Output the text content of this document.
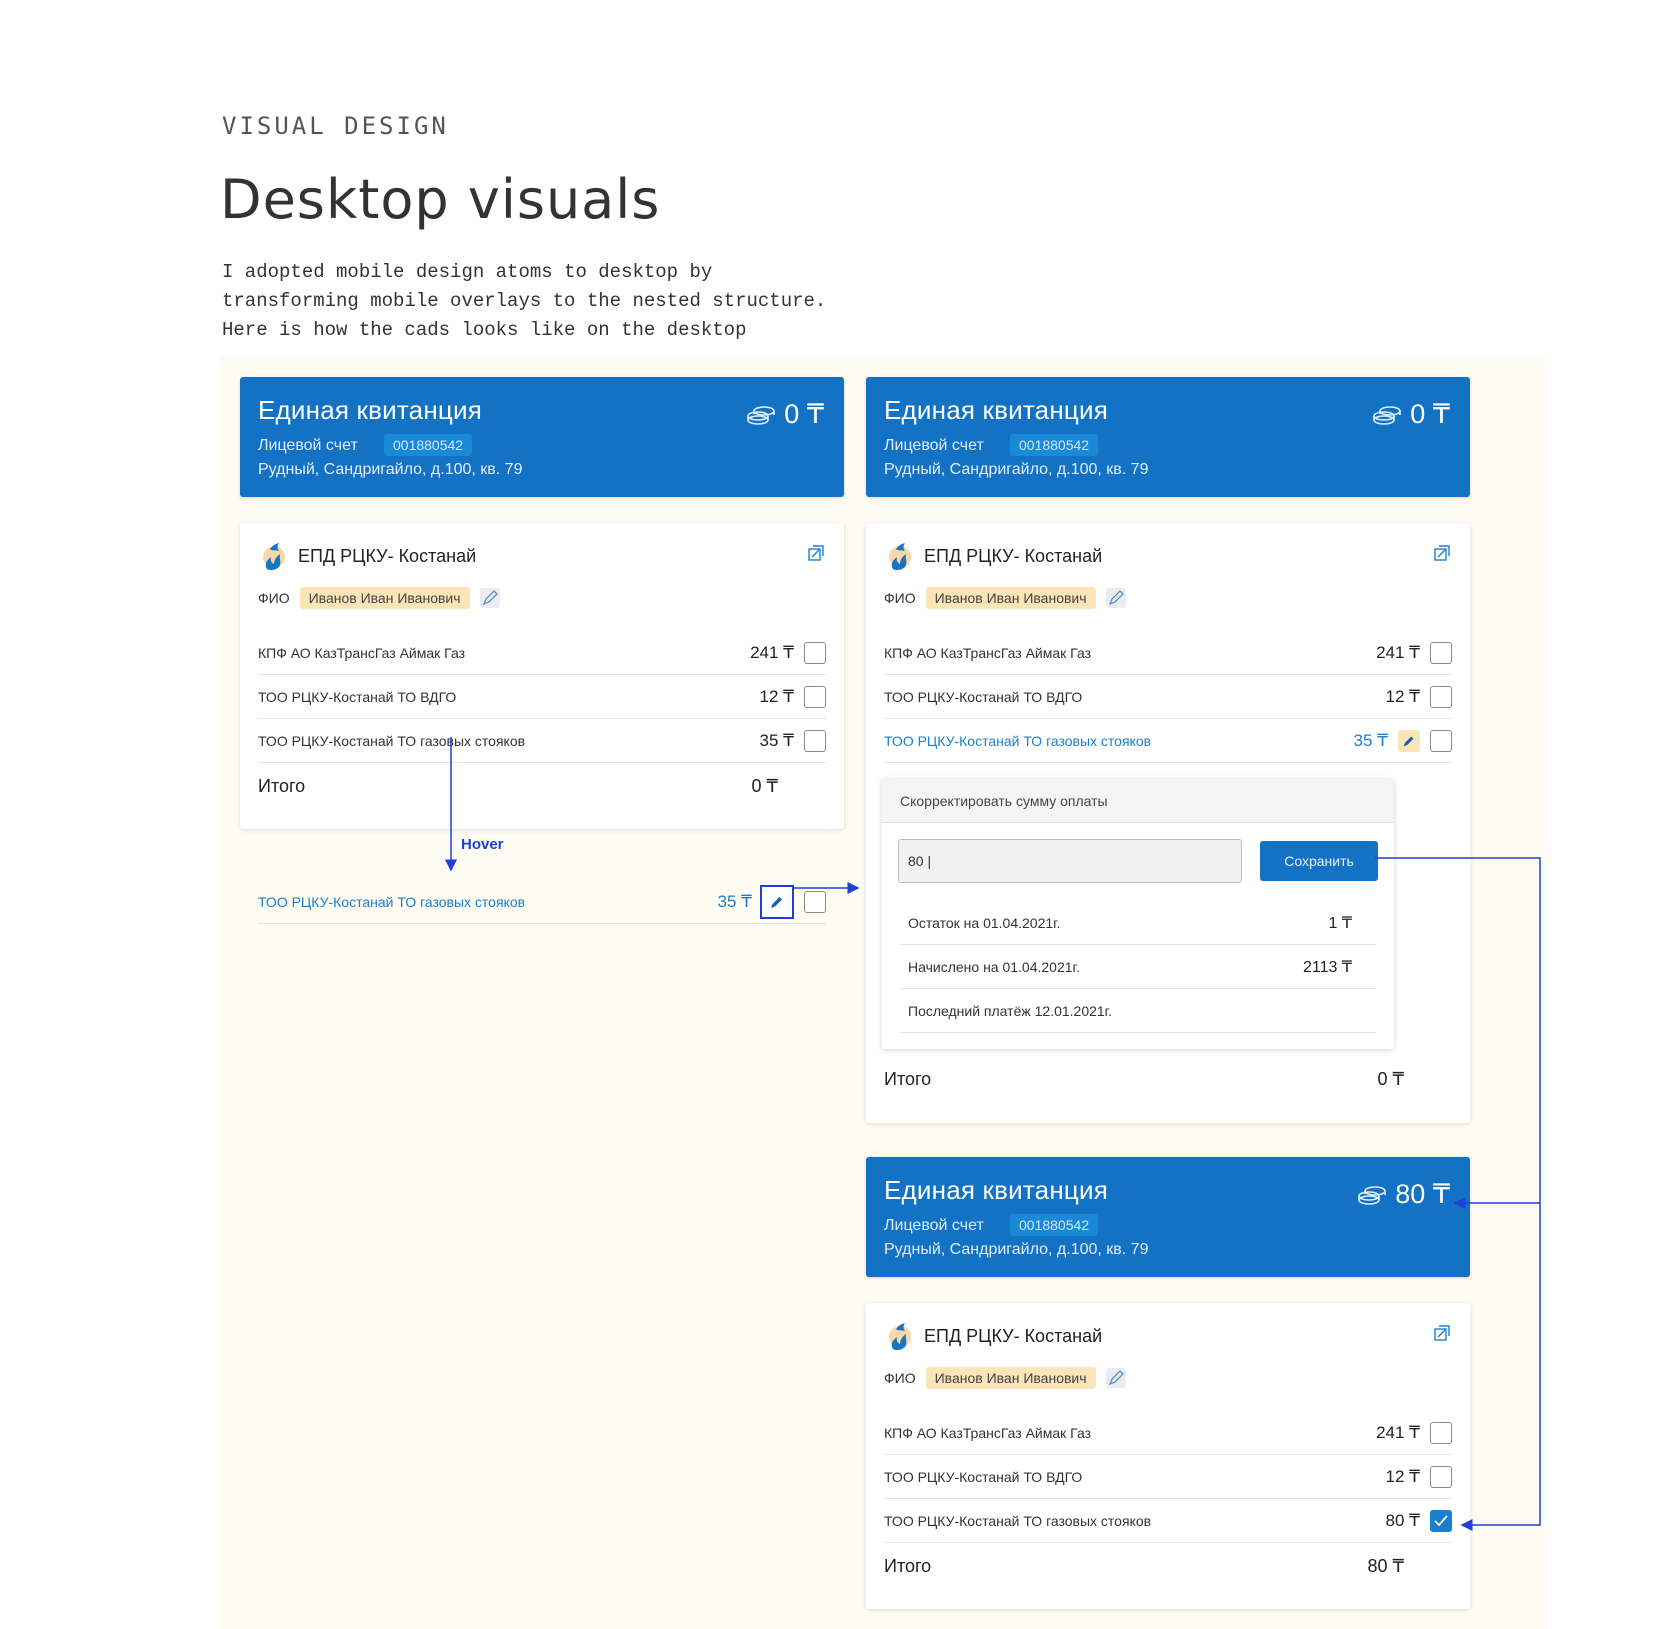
VISUAL DESIGN
Desktop visuals

I adopted mobile design atoms to desktop by transforming mobile overlays to the nested structure. Here is how the cads looks like on the desktop

Единая квитанция
Лицевой счет	001880542
Рудный, Сандригайло, д.100, кв. 79
0 ₸
ЕПД РЦКУ- Костанай
ФИО	Иванов Иван Иванович
КПФ АО КазТрансГаз Аймак Газ	241 ₸
ТОО РЦКУ-Костанай ТО ВДГО	12 ₸
ТОО РЦКУ-Костанай ТО газовых стояков	35 ₸
Итого	0 ₸
Hover
ТОО РЦКУ-Костанай ТО газовых стояков	35 ₸
Единая квитанция
Лицевой счет	001880542
Рудный, Сандригайло, д.100, кв. 79
0 ₸
ЕПД РЦКУ- Костанай
ФИО	Иванов Иван Иванович
КПФ АО КазТрансГаз Аймак Газ	241 ₸
ТОО РЦКУ-Костанай ТО ВДГО	12 ₸
ТОО РЦКУ-Костанай ТО газовых стояков	35 ₸
Скорректировать сумму оплаты
80 |	Сохранить
Остаток на 01.04.2021г.	1 ₸
Начислено на 01.04.2021г.	2113 ₸
Последний платёж 12.01.2021г.
Итого	0 ₸
Единая квитанция
Лицевой счет	001880542
Рудный, Сандригайло, д.100, кв. 79
80 ₸
ЕПД РЦКУ- Костанай
ФИО	Иванов Иван Иванович
КПФ АО КазТрансГаз Аймак Газ	241 ₸
ТОО РЦКУ-Костанай ТО ВДГО	12 ₸
ТОО РЦКУ-Костанай ТО газовых стояков	80 ₸
Итого	80 ₸
